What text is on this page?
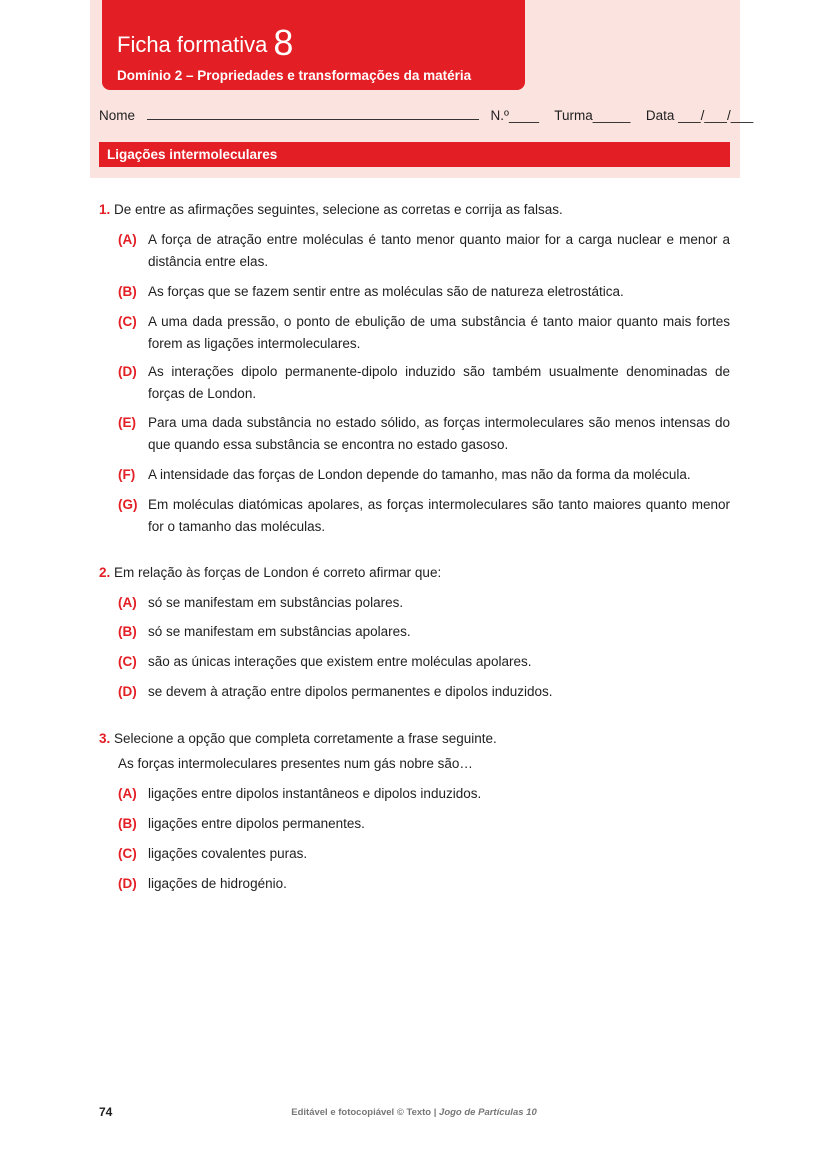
Ficha formativa 8
Domínio 2 – Propriedades e transformações da matéria
Nome	N.º____ Turma_____ Data ___/___/___
Ligações intermoleculares
1. De entre as afirmações seguintes, selecione as corretas e corrija as falsas.
(A) A força de atração entre moléculas é tanto menor quanto maior for a carga nuclear e menor a distância entre elas.
(B) As forças que se fazem sentir entre as moléculas são de natureza eletrostática.
(C) A uma dada pressão, o ponto de ebulição de uma substância é tanto maior quanto mais fortes forem as ligações intermoleculares.
(D) As interações dipolo permanente-dipolo induzido são também usualmente denominadas de forças de London.
(E) Para uma dada substância no estado sólido, as forças intermoleculares são menos intensas do que quando essa substância se encontra no estado gasoso.
(F) A intensidade das forças de London depende do tamanho, mas não da forma da molécula.
(G) Em moléculas diatómicas apolares, as forças intermoleculares são tanto maiores quanto menor for o tamanho das moléculas.
2. Em relação às forças de London é correto afirmar que:
(A) só se manifestam em substâncias polares.
(B) só se manifestam em substâncias apolares.
(C) são as únicas interações que existem entre moléculas apolares.
(D) se devem à atração entre dipolos permanentes e dipolos induzidos.
3. Selecione a opção que completa corretamente a frase seguinte.
As forças intermoleculares presentes num gás nobre são…
(A) ligações entre dipolos instantâneos e dipolos induzidos.
(B) ligações entre dipolos permanentes.
(C) ligações covalentes puras.
(D) ligações de hidrogénio.
74	Editável e fotocopiável © Texto | Jogo de Partículas 10
